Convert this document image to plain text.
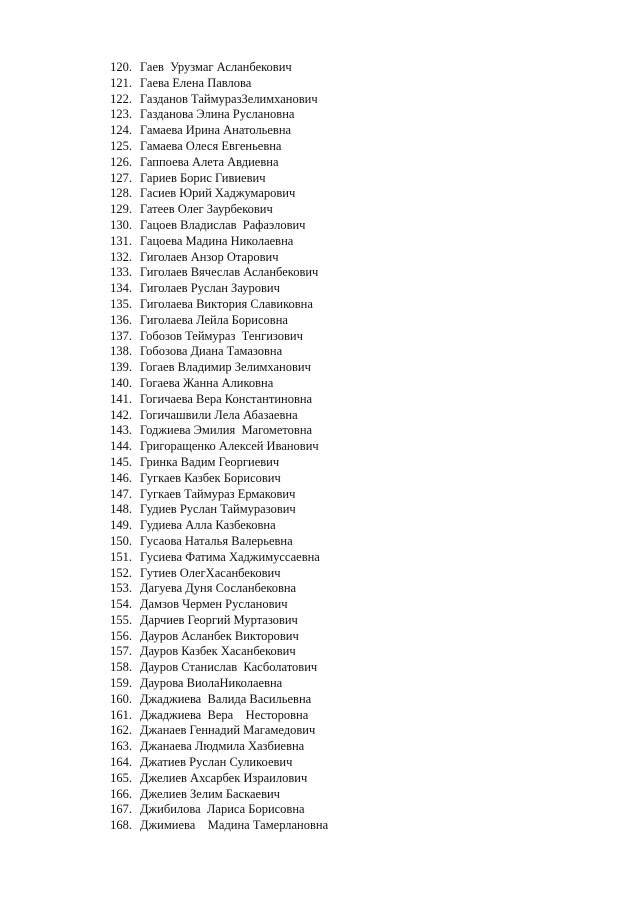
120. Гаев  Урузмаг Асланбекович
121. Гаева Елена Павлова
122. Газданов ТаймуразЗелимханович
123. Газданова Элина Руслановна
124. Гамаева Ирина Анатольевна
125. Гамаева Олеся Евгеньевна
126. Гаппоева Алета Авдиевна
127. Гариев Борис Гивиевич
128. Гасиев Юрий Хаджумарович
129. Гатеев Олег Заурбекович
130. Гацоев Владислав  Рафаэлович
131. Гацоева Мадина Николаевна
132. Гиголаев Анзор Отарович
133. Гиголаев Вячеслав Асланбекович
134. Гиголаев Руслан Заурович
135. Гиголаева Виктория Славиковна
136. Гиголаева Лейла Борисовна
137. Гобозов Теймураз  Тенгизович
138. Гобозова Диана Тамазовна
139. Гогаев Владимир Зелимханович
140. Гогаева Жанна Аликовна
141. Гогичаева Вера Константиновна
142. Гогичашвили Лела Абазаевна
143. Годжиева Эмилия  Магометовна
144. Григоращенко Алексей Иванович
145. Гринка Вадим Георгиевич
146. Гугкаев Казбек Борисович
147. Гугкаев Таймураз Ермакович
148. Гудиев Руслан Таймуразович
149. Гудиева Алла Казбековна
150. Гусаова Наталья Валерьевна
151. Гусиева Фатима Хаджимуссаевна
152. Гутиев ОлегХасанбекович
153. Дагуева Дуня Сосланбековна
154. Дамзов Чермен Русланович
155. Дарчиев Георгий Муртазович
156. Дауров Асланбек Викторович
157. Дауров Казбек Хасанбекович
158. Дауров Станислав  Касболатович
159. Даурова ВиолаНиколаевна
160. Джаджиева  Валида Васильевна
161. Джаджиева  Вера    Несторовна
162. Джанаев Геннадий Магамедович
163. Джанаева Людмила Хазбиевна
164. Джатиев Руслан Суликоевич
165. Джелиев Ахсарбек Израилович
166. Джелиев Зелим Баскаевич
167. Джибилова  Лариса Борисовна
168. Джимиева    Мадина Тамерлановна
